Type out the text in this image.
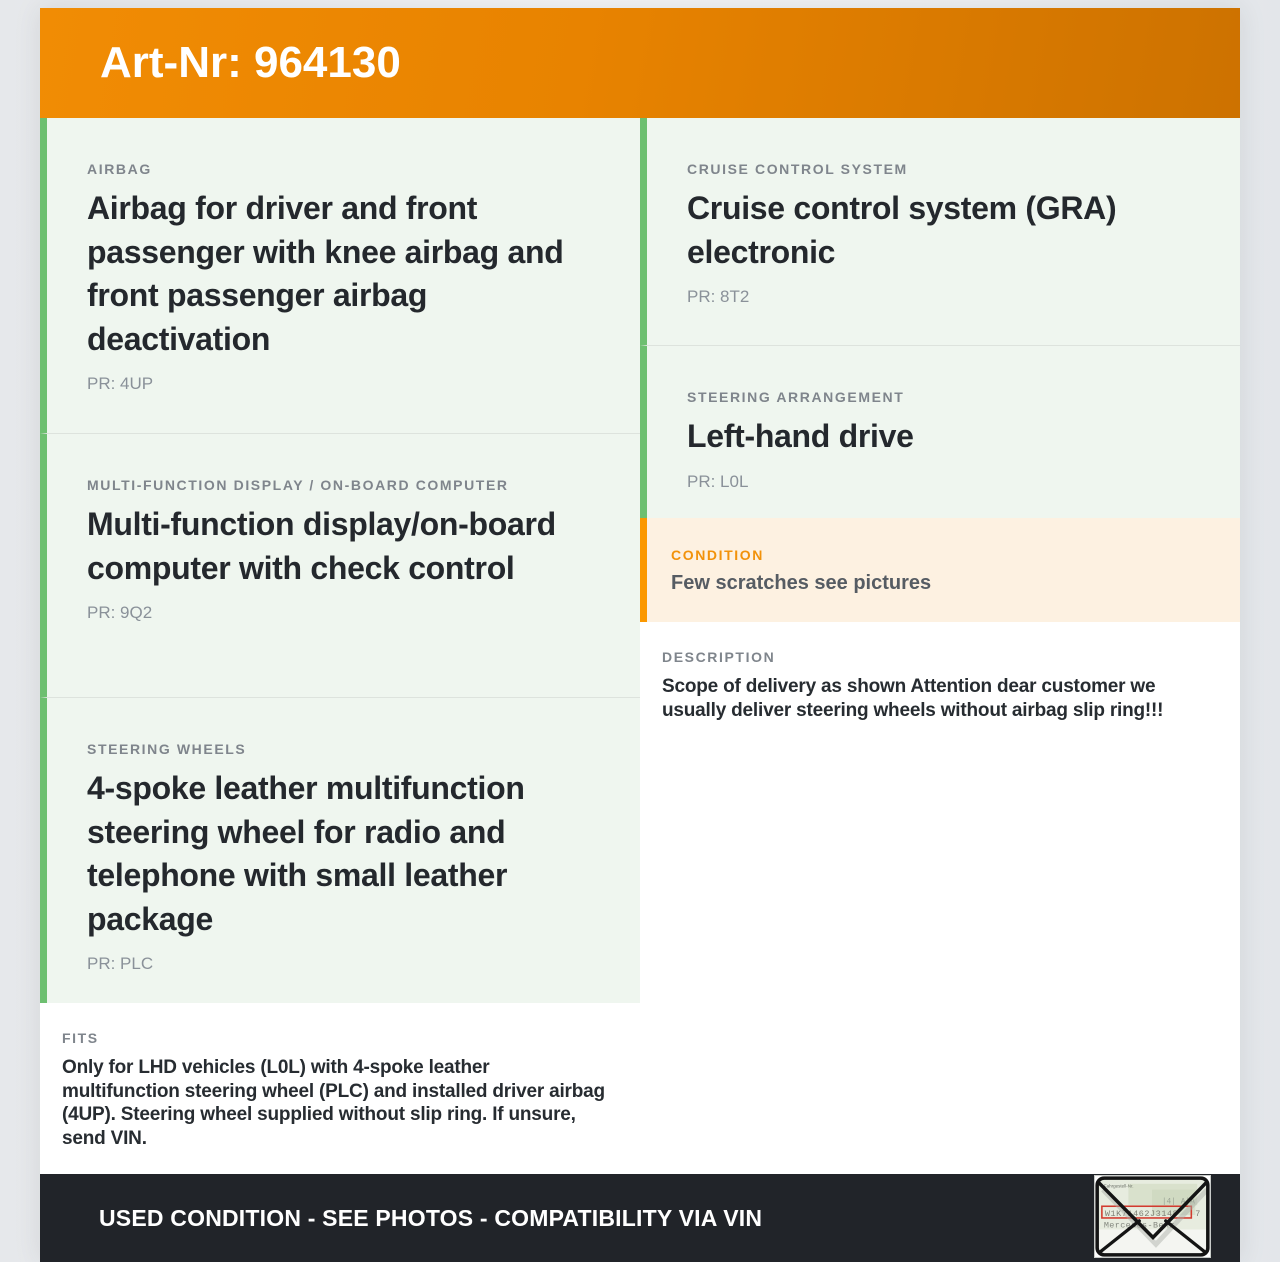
Art-Nr: 964130

AIRBAG

Airbag for driver and front passenger with knee airbag and front passenger airbag deactivation

PR: 4UP

MULTI-FUNCTION DISPLAY / ON-BOARD COMPUTER

Multi-function display/on-board computer with check control

PR: 9Q2

STEERING WHEELS

4-spoke leather multifunction steering wheel for radio and telephone with small leather package

PR: PLC

FITS

Only for LHD vehicles (L0L) with 4-spoke leather multifunction steering wheel (PLC) and installed driver airbag (4UP). Steering wheel supplied without slip ring. If unsure, send VIN.

CRUISE CONTROL SYSTEM

Cruise control system (GRA) electronic

PR: 8T2

STEERING ARRANGEMENT

Left-hand drive

PR: L0L

CONDITION

Few scratches see pictures

DESCRIPTION

Scope of delivery as shown Attention dear customer we usually deliver steering wheels without airbag slip ring!!!

USED CONDITION - SEE PHOTOS - COMPATIBILITY VIA VIN

Fahrgestell-Nr.
|4| A|A
W1K71462J3148 7
Mercedes-Benz
